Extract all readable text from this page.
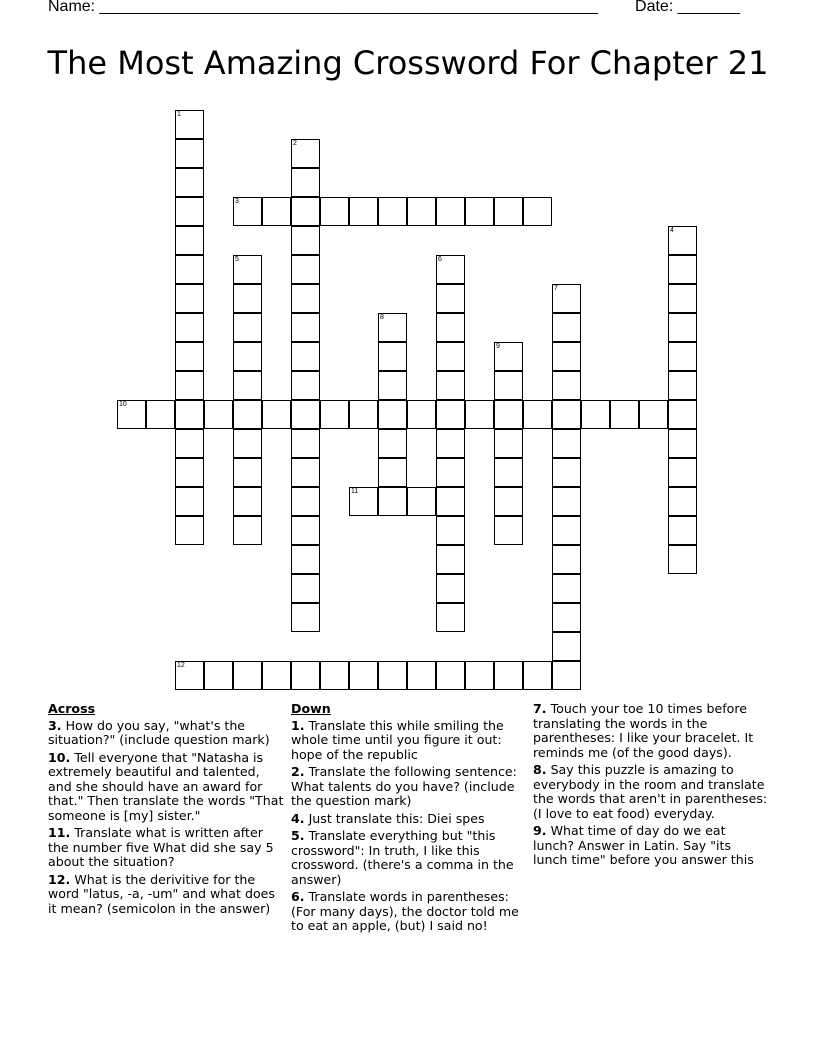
Name: ________________________________________________________ Date: _______
The Most Amazing Crossword For Chapter 21
1
2
3
4
5	6
7
8
9
10
11
12
Across
3. How do you say, "what's the situation?" (include question mark)
10. Tell everyone that "Natasha is extremely beautiful and talented, and she should have an award for that." Then translate the words "That someone is [my] sister."
11. Translate what is written after the number five What did she say 5 about the situation?
12. What is the derivitive for the word "latus, -a, -um" and what does it mean? (semicolon in the answer)
Down
1. Translate this while smiling the whole time until you figure it out: hope of the republic
2. Translate the following sentence: What talents do you have? (include the question mark)
4. Just translate this: Diei spes
5. Translate everything but "this crossword": In truth, I like this crossword. (there's a comma in the answer)
6. Translate words in parentheses: (For many days), the doctor told me to eat an apple, (but) I said no!
7. Touch your toe 10 times before translating the words in the parentheses: I like your bracelet. It reminds me (of the good days).
8. Say this puzzle is amazing to everybody in the room and translate the words that aren't in parentheses: (I love to eat food) everyday.
9. What time of day do we eat lunch? Answer in Latin. Say "its lunch time" before you answer this
